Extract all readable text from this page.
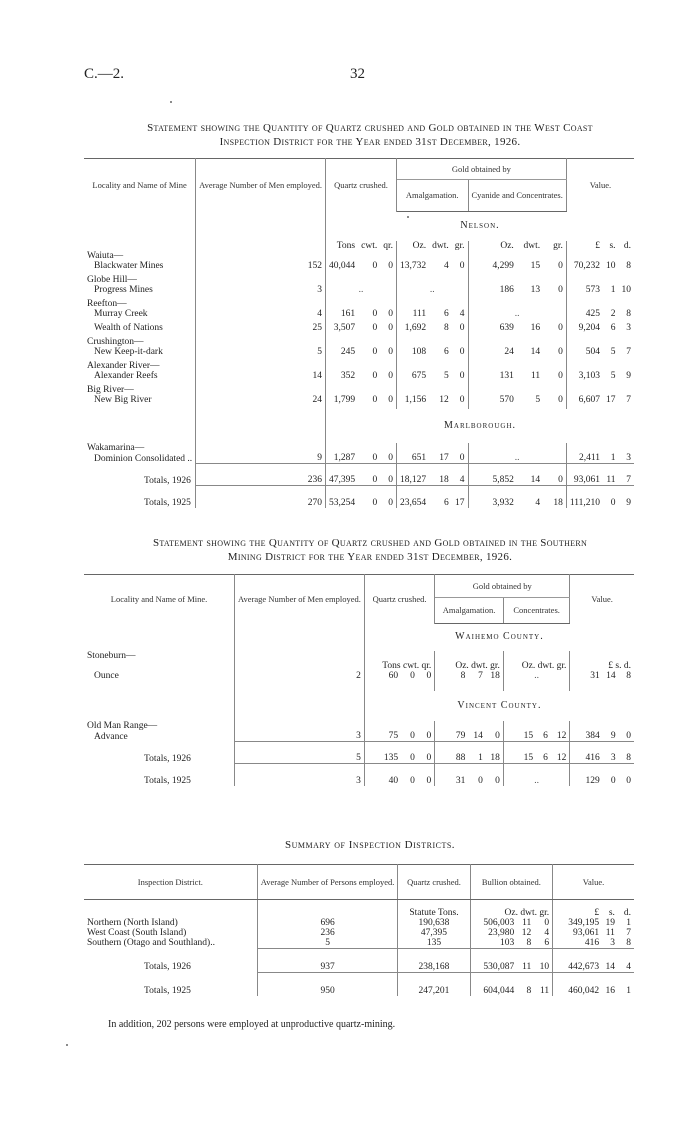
C.—2.	32
Statement showing the Quantity of Quartz crushed and Gold obtained in the West Coast
Inspection District for the Year ended 31st December, 1926.
Locality and Name of Mine	Average Number of Men employed.	Quartz crushed.			Gold obtained by						Value.		
					Amalgamation.			Cyanide and Concentrates.					
		Nelson.											
		Tons	cwt.	qr.	Oz.	dwt.	gr.	Oz.	dwt.	gr.	£	s.	d.
Waiuta—													
Blackwater Mines	152	40,044	0	0	13,732	4	0	4,299	15	0	70,232	10	8

Globe Hill—													
Progress Mines	3	..			..			186	13	0	573	1	10

Reefton—													
Murray Creek	4	161	0	0	111	6	4	..			425	2	8

Wealth of Nations	25	3,507	0	0	1,692	8	0	639	16	0	9,204	6	3

Crushington—													
New Keep-it-dark	5	245	0	0	108	6	0	24	14	0	504	5	7

Alexander River—													
Alexander Reefs	14	352	0	0	675	5	0	131	11	0	3,103	5	9

Big River—													
New Big River	24	1,799	0	0	1,156	12	0	570	5	0	6,607	17	7

		Marlborough.											
Wakamarina—													
Dominion Consolidated ..	9	1,287	0	0	651	17	0	..			2,411	1	3
Totals, 1926	236	47,395	0	0	18,127	18	4	5,852	14	0	93,061	11	7
Totals, 1925	270	53,254	0	0	23,654	6	17	3,932	4	18	111,210	0	9
Statement showing the Quantity of Quartz crushed and Gold obtained in the Southern
Mining District for the Year ended 31st December, 1926.
Locality and Name of Mine.	Average Number of Men employed.	Quartz crushed.			Gold obtained by						Value.		
					Amalgamation.			Concentrates.					
		Waihemo County.											
Stoneburn—													
		Tons cwt. qr.			Oz. dwt. gr.			Oz. dwt. gr.			£ s. d.		
Ounce	2	60	0	0	8	7	18	..			31	14	8

		Vincent County.											
Old Man Range—													
Advance	3	75	0	0	79	14	0	15	6	12	384	9	0
Totals, 1926	5	135	0	0	88	1	18	15	6	12	416	3	8
Totals, 1925	3	40	0	0	31	0	0	..			129	0	0
Summary of Inspection Districts.
Inspection District.	Average Number of Persons employed.	Quartz crushed.	Bullion obtained.			Value.		

		Statute Tons.	Oz. dwt. gr.			£	s.	d.
Northern (North Island)	696	190,638	506,003	11	0	349,195	19	1
West Coast (South Island)	236	47,395	23,980	12	4	93,061	11	7
Southern (Otago and Southland)..	5	135	103	8	6	416	3	8
Totals, 1926	937	238,168	530,087	11	10	442,673	14	4
Totals, 1925	950	247,201	604,044	8	11	460,042	16	1
In addition, 202 persons were employed at unproductive quartz-mining.
